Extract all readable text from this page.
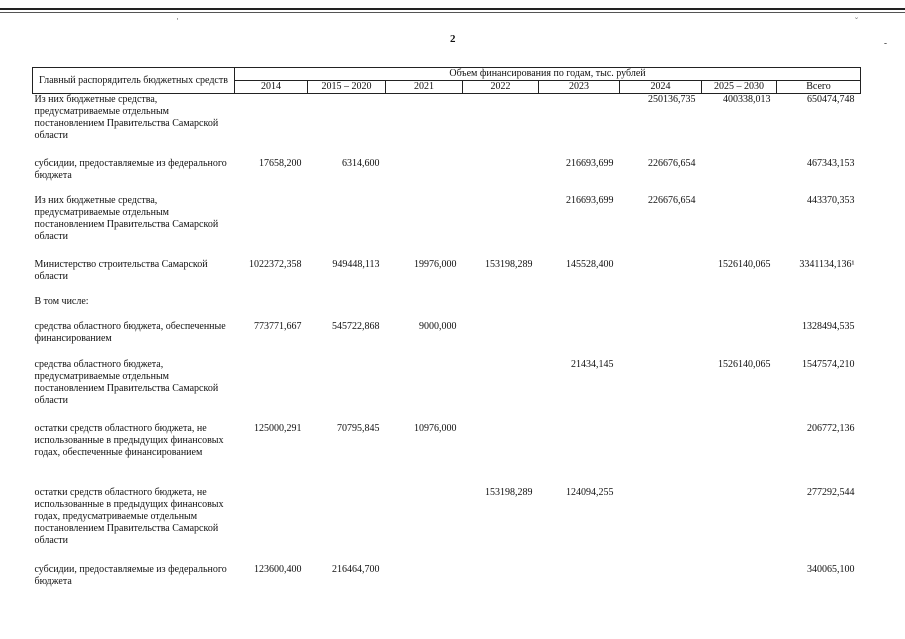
2
·
-
˘
Главный распорядитель бюджетных средств	Объем финансирования по годам, тыс. рублей							
	2014	2015 – 2020	2021	2022	2023	2024	2025 – 2030	Всего
Из них бюджетные средства, предусматриваемые отдельным постановлением Правительства Самарской области						250136,735	400338,013	650474,748
субсидии, предоставляемые из федерального бюджета	17658,200	6314,600			216693,699	226676,654		467343,153
Из них бюджетные средства, предусматриваемые отдельным постановлением Правительства Самарской области					216693,699	226676,654		443370,353
Министерство строительства Самарской области	1022372,358	949448,113	19976,000	153198,289	145528,400		1526140,065	3341134,136¹
В том числе:								
средства областного бюджета, обеспеченные финансированием	773771,667	545722,868	9000,000					1328494,535
средства областного бюджета, предусматриваемые отдельным постановлением Правительства Самарской области					21434,145		1526140,065	1547574,210
остатки средств областного бюджета, не использованные в предыдущих финансовых годах, обеспеченные финансированием	125000,291	70795,845	10976,000					206772,136
остатки средств областного бюджета, не использованные в предыдущих финансовых годах, предусматриваемые отдельным постановлением Правительства Самарской области				153198,289	124094,255			277292,544
субсидии, предоставляемые из федерального бюджета	123600,400	216464,700						340065,100
